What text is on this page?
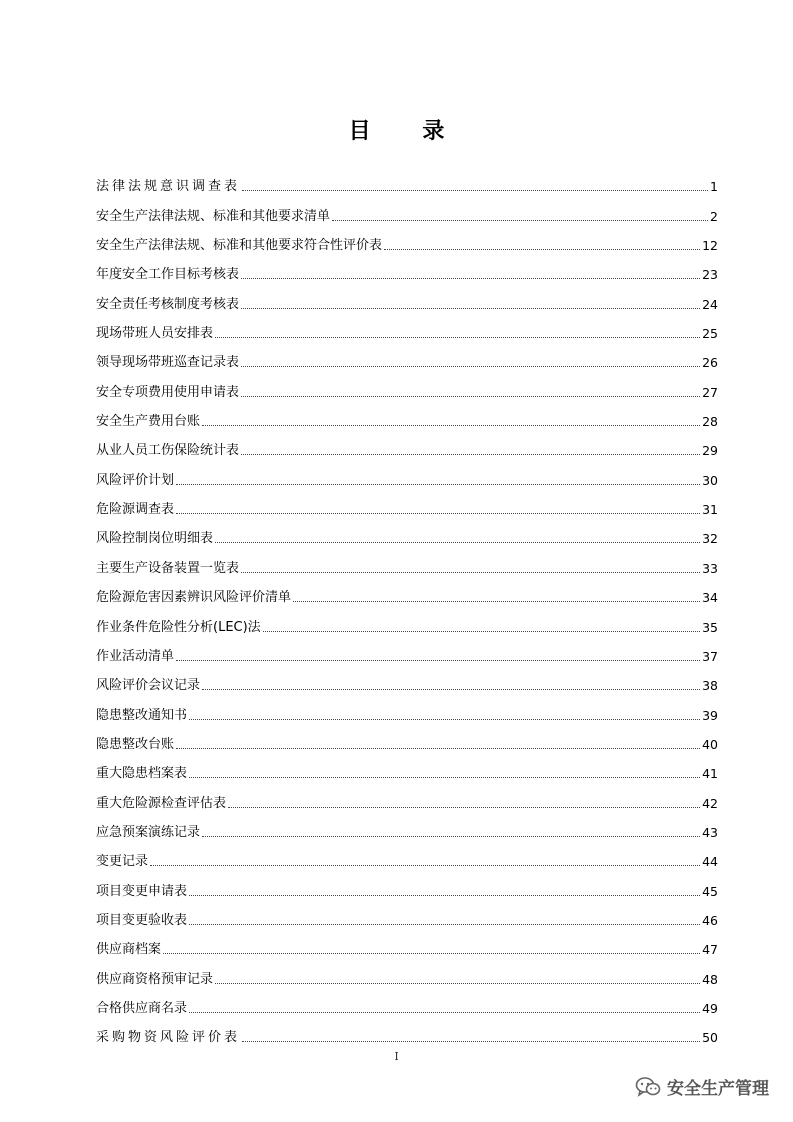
目 录
法律法规意识调查表	1
安全生产法律法规、标准和其他要求清单	2
安全生产法律法规、标准和其他要求符合性评价表	12
年度安全工作目标考核表	23
安全责任考核制度考核表	24
现场带班人员安排表	25
领导现场带班巡查记录表	26
安全专项费用使用申请表	27
安全生产费用台账	28
从业人员工伤保险统计表	29
风险评价计划	30
危险源调查表	31
风险控制岗位明细表	32
主要生产设备装置一览表	33
危险源危害因素辨识风险评价清单	34
作业条件危险性分析(LEC)法	35
作业活动清单	37
风险评价会议记录	38
隐患整改通知书	39
隐患整改台账	40
重大隐患档案表	41
重大危险源检查评估表	42
应急预案演练记录	43
变更记录	44
项目变更申请表	45
项目变更验收表	46
供应商档案	47
供应商资格预审记录	48
合格供应商名录	49
采购物资风险评价表	50
I
安全生产管理
